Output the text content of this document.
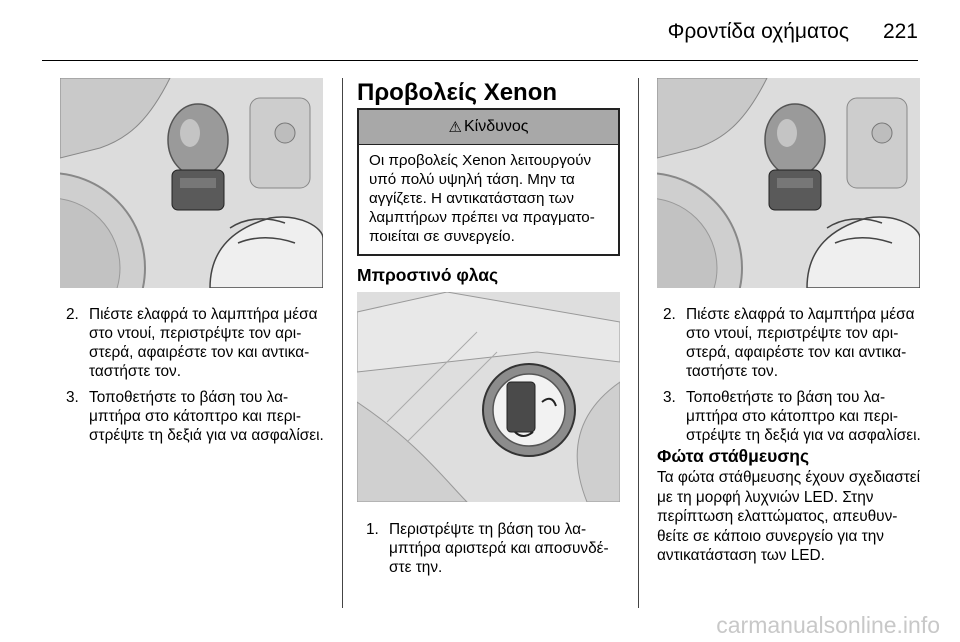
Φροντίδα οχήματος 221
2. Πιέστε ελαφρά το λαμπτήρα μέσα στο ντουί, περιστρέψτε τον αριστερά, αφαιρέστε τον και αντικαταστήστε τον.
3. Τοποθετήστε το βάση του λαμπτήρα στο κάτοπτρο και περιστρέψτε τη δεξιά για να ασφαλίσει.
Προβολείς Xenon
⚠ Κίνδυνος
Οι προβολείς Xenon λειτουργούν υπό πολύ υψηλή τάση. Μην τα αγγίζετε. Η αντικατάσταση των λαμπτήρων πρέπει να πραγματοποιείται σε συνεργείο.
Μπροστινό φλας
1. Περιστρέψτε τη βάση του λαμπτήρα αριστερά και αποσυνδέστε την.
2. Πιέστε ελαφρά το λαμπτήρα μέσα στο ντουί, περιστρέψτε τον αριστερά, αφαιρέστε τον και αντικαταστήστε τον.
3. Τοποθετήστε το βάση του λαμπτήρα στο κάτοπτρο και περιστρέψτε τη δεξιά για να ασφαλίσει.
Φώτα στάθμευσης
Τα φώτα στάθμευσης έχουν σχεδιαστεί με τη μορφή λυχνιών LED. Στην περίπτωση ελαττώματος, απευθυνθείτε σε κάποιο συνεργείο για την αντικατάσταση των LED.
carmanualsonline.info
